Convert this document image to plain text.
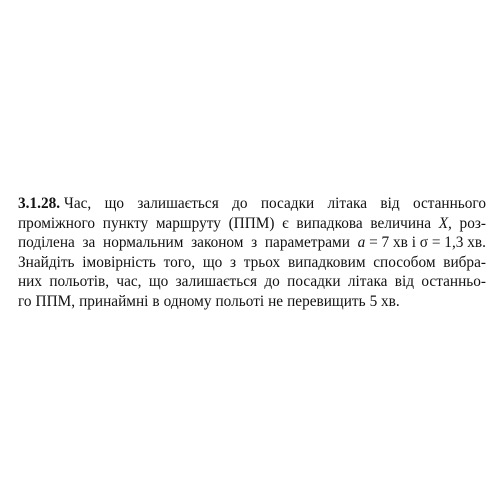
3.1.28. Час, що залишається до посадки літака від останнього
проміжного пункту маршруту (ППМ) є випадкова величина X, роз-
поділена за нормальним законом з параметрами a = 7 хв і σ = 1,3 хв.
Знайдіть імовірність того, що з трьох випадковим способом вибра-
них польотів, час, що залишається до посадки літака від останньо-
го ППМ, принаймні в одному польоті не перевищить 5 хв.
